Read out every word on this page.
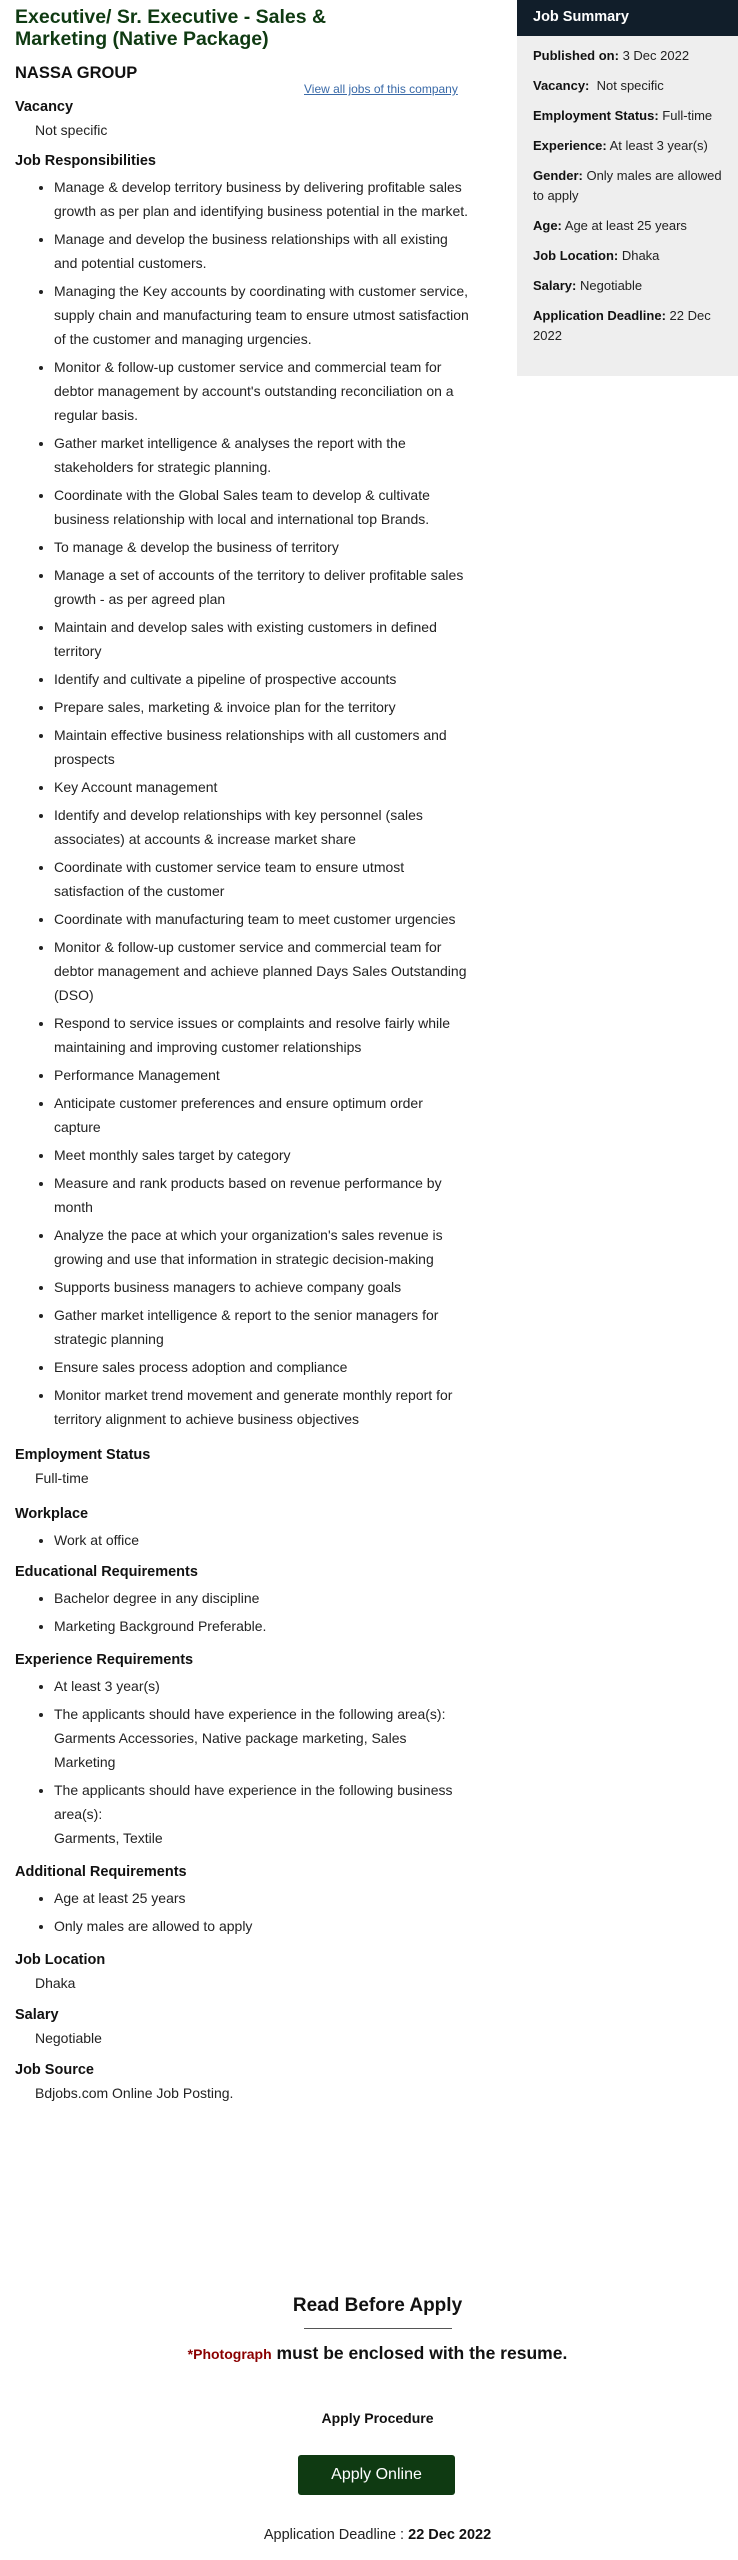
Executive/ Sr. Executive - Sales & Marketing (Native Package)
NASSA GROUP
View all jobs of this company
Vacancy
Not specific
Job Responsibilities
• Manage & develop territory business by delivering profitable sales growth as per plan and identifying business potential in the market.
• Manage and develop the business relationships with all existing and potential customers.
• Managing the Key accounts by coordinating with customer service, supply chain and manufacturing team to ensure utmost satisfaction of the customer and managing urgencies.
• Monitor & follow-up customer service and commercial team for debtor management by account's outstanding reconciliation on a regular basis.
• Gather market intelligence & analyses the report with the stakeholders for strategic planning.
• Coordinate with the Global Sales team to develop & cultivate business relationship with local and international top Brands.
• To manage & develop the business of territory
• Manage a set of accounts of the territory to deliver profitable sales growth - as per agreed plan
• Maintain and develop sales with existing customers in defined territory
• Identify and cultivate a pipeline of prospective accounts
• Prepare sales, marketing & invoice plan for the territory
• Maintain effective business relationships with all customers and prospects
• Key Account management
• Identify and develop relationships with key personnel (sales associates) at accounts & increase market share
• Coordinate with customer service team to ensure utmost satisfaction of the customer
• Coordinate with manufacturing team to meet customer urgencies
• Monitor & follow-up customer service and commercial team for debtor management and achieve planned Days Sales Outstanding (DSO)
• Respond to service issues or complaints and resolve fairly while maintaining and improving customer relationships
• Performance Management
• Anticipate customer preferences and ensure optimum order capture
• Meet monthly sales target by category
• Measure and rank products based on revenue performance by month
• Analyze the pace at which your organization's sales revenue is growing and use that information in strategic decision-making
• Supports business managers to achieve company goals
• Gather market intelligence & report to the senior managers for strategic planning
• Ensure sales process adoption and compliance
• Monitor market trend movement and generate monthly report for territory alignment to achieve business objectives
Employment Status
Full-time
Workplace
• Work at office
Educational Requirements
• Bachelor degree in any discipline
• Marketing Background Preferable.
Experience Requirements
• At least 3 year(s)
• The applicants should have experience in the following area(s):
Garments Accessories, Native package marketing, Sales Marketing
• The applicants should have experience in the following business area(s):
Garments, Textile
Additional Requirements
• Age at least 25 years
• Only males are allowed to apply
Job Location
Dhaka
Salary
Negotiable
Job Source
Bdjobs.com Online Job Posting.
Read Before Apply
*Photograph must be enclosed with the resume.
Apply Procedure
Apply Online
Application Deadline : 22 Dec 2022
Job Summary
Published on: 3 Dec 2022
Vacancy:  Not specific
Employment Status: Full-time
Experience: At least 3 year(s)
Gender: Only males are allowed to apply
Age: Age at least 25 years
Job Location: Dhaka
Salary: Negotiable
Application Deadline: 22 Dec 2022
